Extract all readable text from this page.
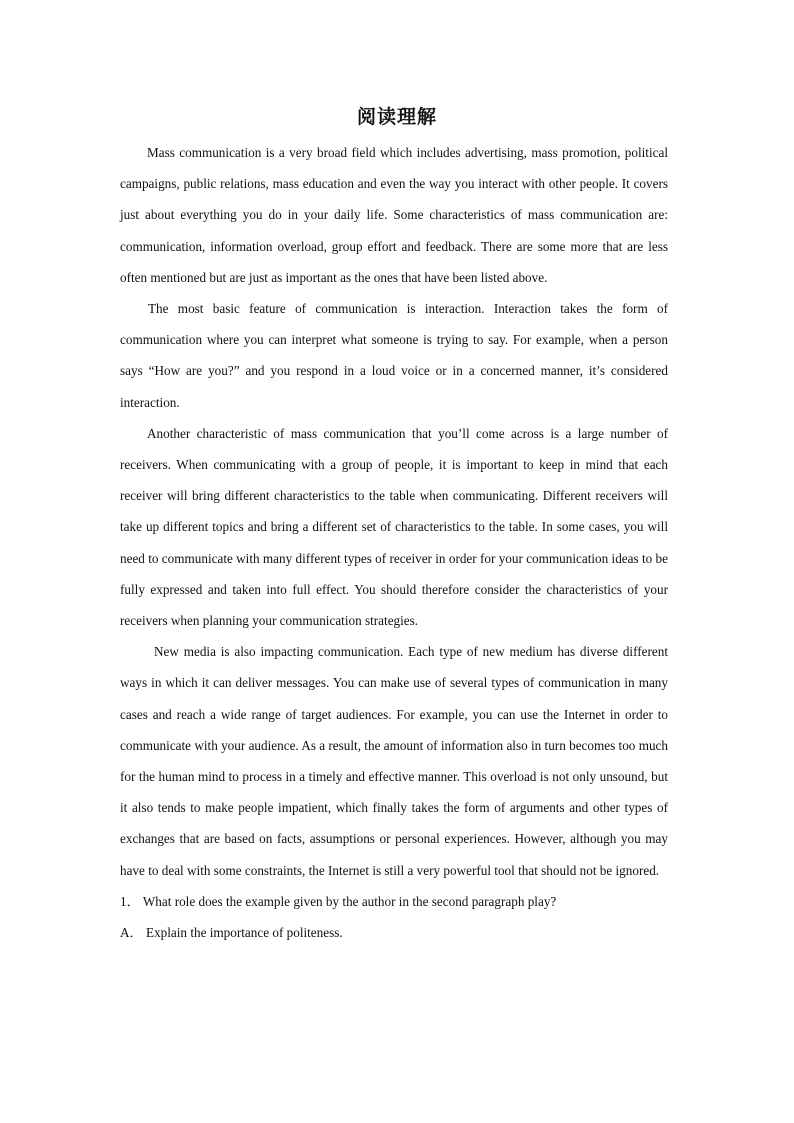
阅读理解

Mass communication is a very broad field which includes advertising, mass promotion, political campaigns, public relations, mass education and even the way you interact with other people. It covers just about everything you do in your daily life. Some characteristics of mass communication are: communication, information overload, group effort and feedback. There are some more that are less often mentioned but are just as important as the ones that have been listed above.

The most basic feature of communication is interaction. Interaction takes the form of communication where you can interpret what someone is trying to say. For example, when a person says “How are you?” and you respond in a loud voice or in a concerned manner, it’s considered interaction.

Another characteristic of mass communication that you’ll come across is a large number of receivers. When communicating with a group of people, it is important to keep in mind that each receiver will bring different characteristics to the table when communicating. Different receivers will take up different topics and bring a different set of characteristics to the table. In some cases, you will need to communicate with many different types of receiver in order for your communication ideas to be fully expressed and taken into full effect. You should therefore consider the characteristics of your receivers when planning your communication strategies.

New media is also impacting communication. Each type of new medium has diverse different ways in which it can deliver messages. You can make use of several types of communication in many cases and reach a wide range of target audiences. For example, you can use the Internet in order to communicate with your audience. As a result, the amount of information also in turn becomes too much for the human mind to process in a timely and effective manner. This overload is not only unsound, but it also tends to make people impatient, which finally takes the form of arguments and other types of exchanges that are based on facts, assumptions or personal experiences. However, although you may have to deal with some constraints, the Internet is still a very powerful tool that should not be ignored.

1． What role does the example given by the author in the second paragraph play?

A． Explain the importance of politeness.
